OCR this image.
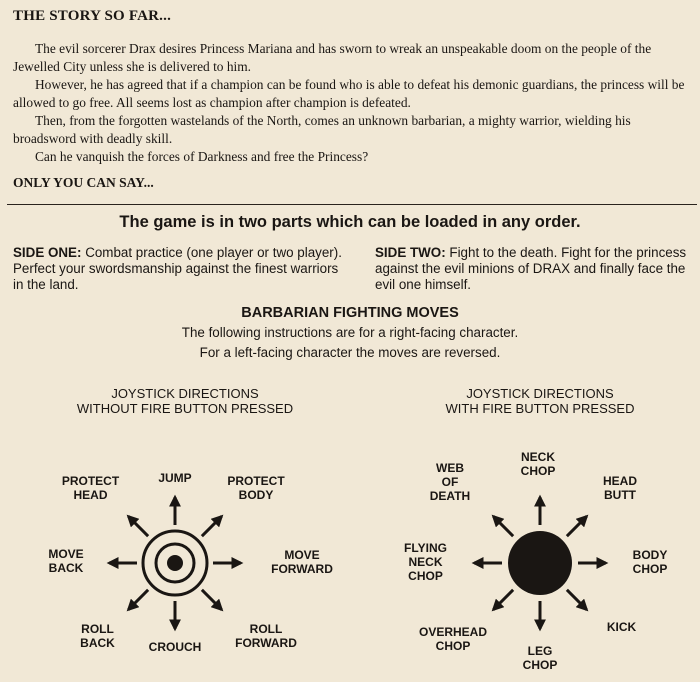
THE STORY SO FAR...
The evil sorcerer Drax desires Princess Mariana and has sworn to wreak an unspeakable doom on the people of the Jewelled City unless she is delivered to him.
However, he has agreed that if a champion can be found who is able to defeat his demonic guardians, the princess will be allowed to go free. All seems lost as champion after champion is defeated.
Then, from the forgotten wastelands of the North, comes an unknown barbarian, a mighty warrior, wielding his broadsword with deadly skill.
Can he vanquish the forces of Darkness and free the Princess?
ONLY YOU CAN SAY...
The game is in two parts which can be loaded in any order.
SIDE ONE: Combat practice (one player or two player). Perfect your swordsmanship against the finest warriors in the land.
SIDE TWO: Fight to the death. Fight for the princess against the evil minions of DRAX and finally face the evil one himself.
BARBARIAN FIGHTING MOVES
The following instructions are for a right-facing character.
For a left-facing character the moves are reversed.
JOYSTICK DIRECTIONS
WITHOUT FIRE BUTTON PRESSED
JOYSTICK DIRECTIONS
WITH FIRE BUTTON PRESSED
JUMP	PROTECT
BODY
MOVE
FORWARD
ROLL
FORWARD
CROUCH
ROLL
BACK
MOVE
BACK
PROTECT
HEAD
NECK
CHOP
HEAD
BUTT
BODY
CHOP
KICK
LEG
CHOP
OVERHEAD
CHOP
FLYING
NECK
CHOP
WEB
OF
DEATH
